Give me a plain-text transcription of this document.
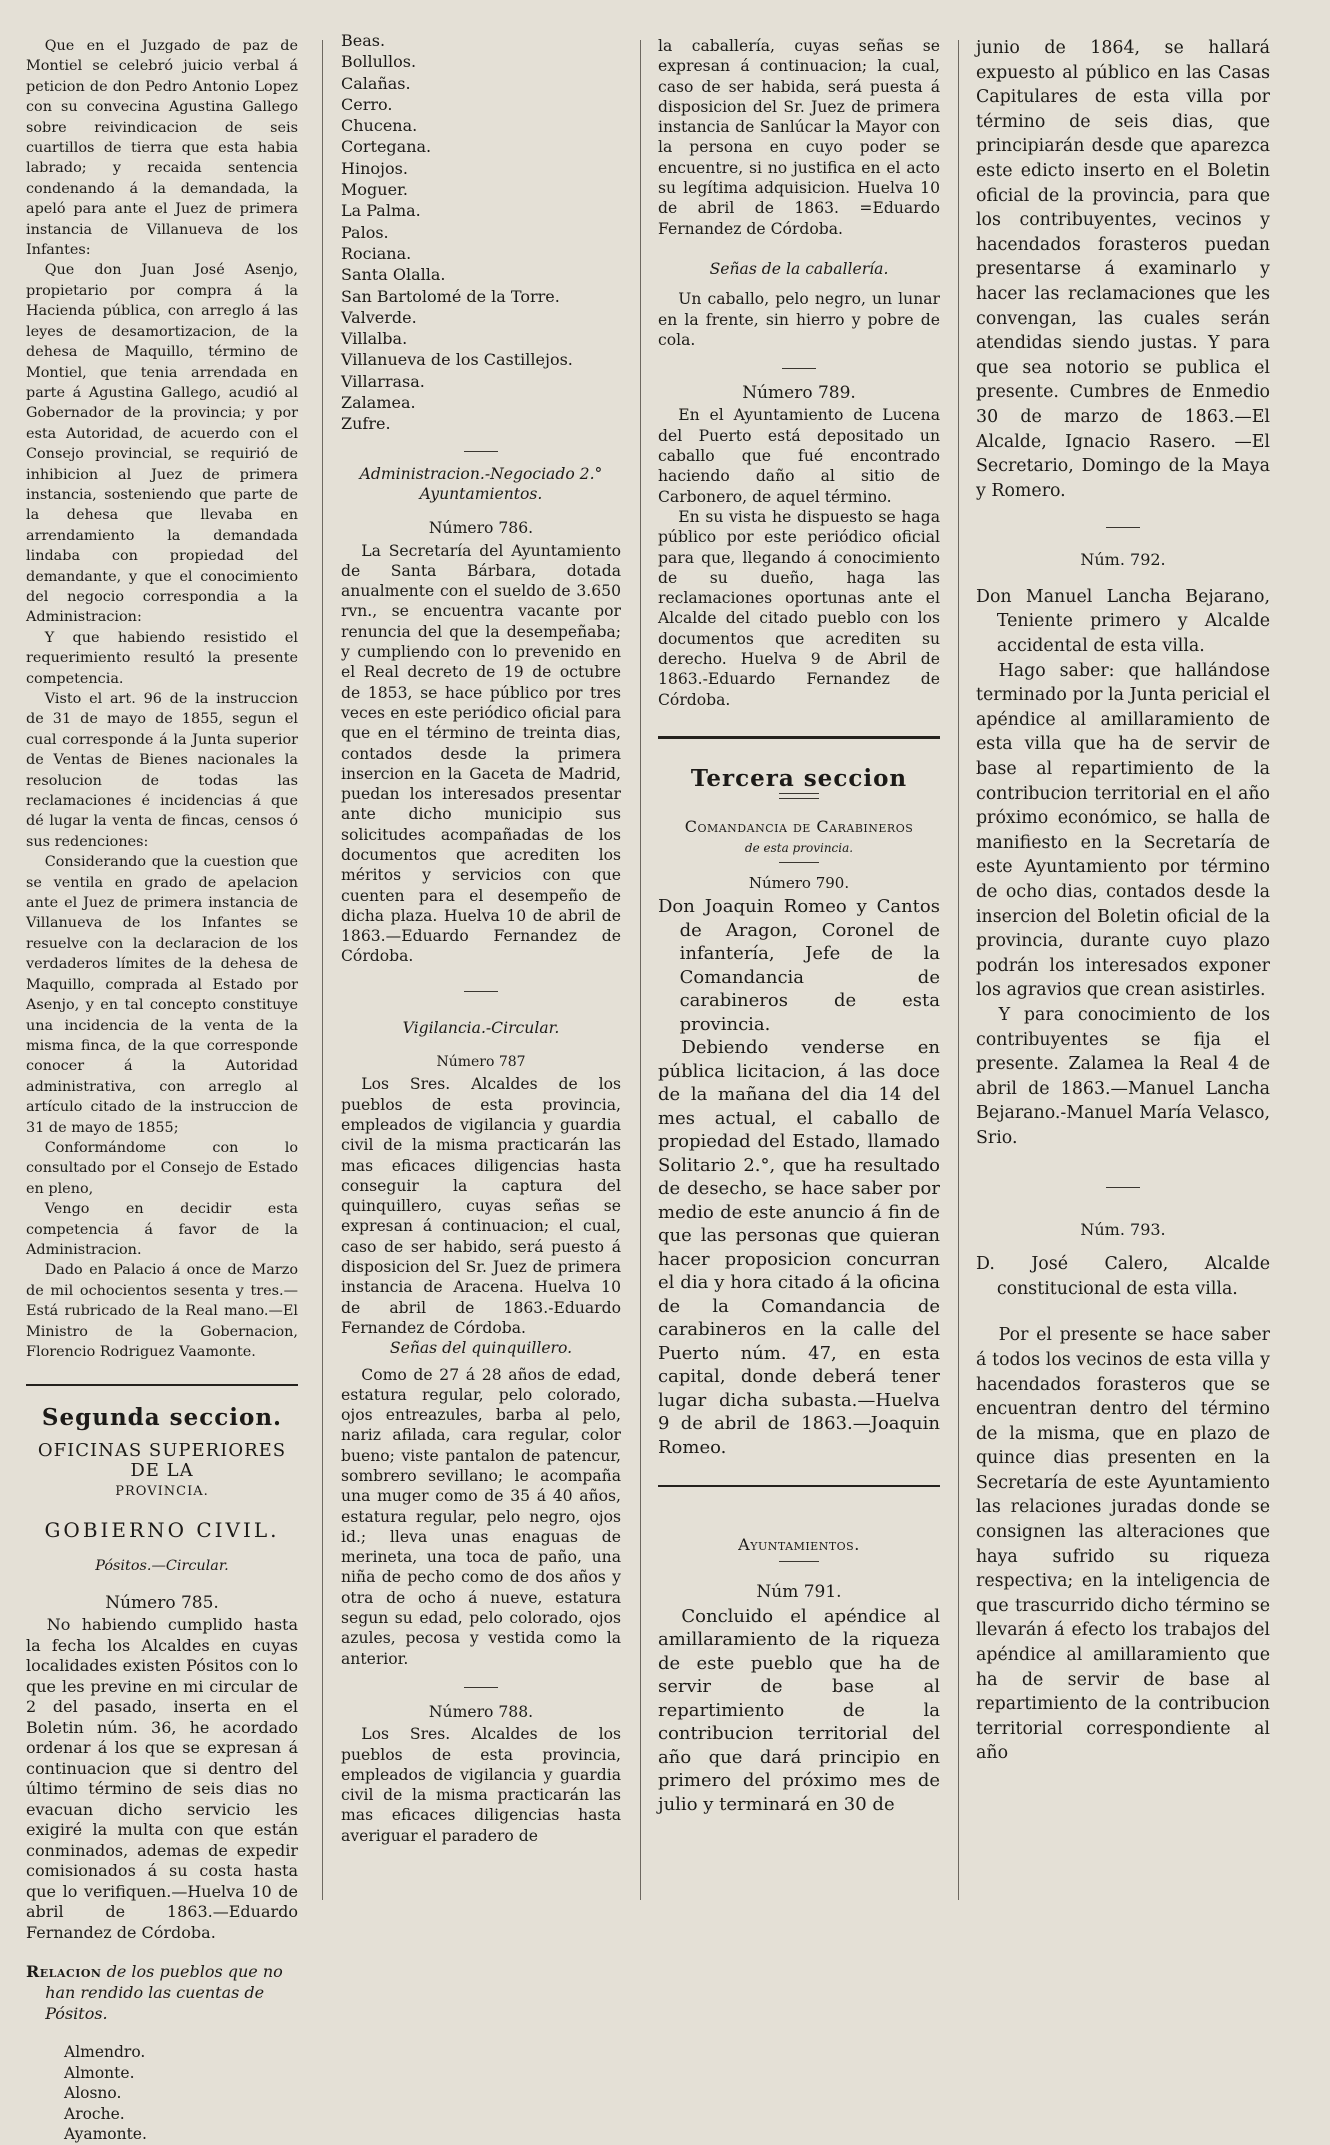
Que en el Juzgado de paz de Montiel se celebró juicio verbal á peticion de don Pedro Antonio Lopez con su convecina Agustina Gallego sobre reivindicacion de seis cuartillos de tierra que esta habia labrado; y recaida sentencia condenando á la demandada, la apeló para ante el Juez de primera instancia de Villanueva de los Infantes:

Que don Juan José Asenjo, propietario por compra á la Hacienda pública, con arreglo á las leyes de desamortizacion, de la dehesa de Maquillo, término de Montiel, que tenia arrendada en parte á Agustina Gallego, acudió al Gobernador de la provincia; y por esta Autoridad, de acuerdo con el Consejo provincial, se requirió de inhibicion al Juez de primera instancia, sosteniendo que parte de la dehesa que llevaba en arrendamiento la demandada lindaba con propiedad del demandante, y que el conocimiento del negocio correspondia a la Administracion:

Y que habiendo resistido el requerimiento resultó la presente competencia.

Visto el art. 96 de la instruccion de 31 de mayo de 1855, segun el cual corresponde á la Junta superior de Ventas de Bienes nacionales la resolucion de todas las reclamaciones é incidencias á que dé lugar la venta de fincas, censos ó sus redenciones:

Considerando que la cuestion que se ventila en grado de apelacion ante el Juez de primera instancia de Villanueva de los Infantes se resuelve con la declaracion de los verdaderos límites de la dehesa de Maquillo, comprada al Estado por Asenjo, y en tal concepto constituye una incidencia de la venta de la misma finca, de la que corresponde conocer á la Autoridad administrativa, con arreglo al artículo citado de la instruccion de 31 de mayo de 1855;

Conformándome con lo consultado por el Consejo de Estado en pleno,

Vengo en decidir esta competencia á favor de la Administracion.

Dado en Palacio á once de Marzo de mil ochocientos sesenta y tres.—Está rubricado de la Real mano.—El Ministro de la Gobernacion, Florencio Rodriguez Vaamonte.

Segunda seccion.
OFICINAS SUPERIORES DE LA
PROVINCIA.
GOBIERNO CIVIL.

Pósitos.—Circular.

Número 785.

No habiendo cumplido hasta la fecha los Alcaldes en cuyas localidades existen Pósitos con lo que les previne en mi circular de 2 del pasado, inserta en el Boletin núm. 36, he acordado ordenar á los que se expresan á continuacion que si dentro del último término de seis dias no evacuan dicho servicio les exigiré la multa con que están conminados, ademas de expedir comisionados á su costa hasta que lo verifiquen.—Huelva 10 de abril de 1863.—Eduardo Fernandez de Córdoba.

Relacion de los pueblos que no han rendido las cuentas de Pósitos.

Almendro.
Almonte.
Alosno.
Aroche.
Ayamonte.
Beas.
Bollullos.
Calañas.
Cerro.
Chucena.
Cortegana.
Hinojos.
Moguer.
La Palma.
Palos.
Rociana.
Santa Olalla.
San Bartolomé de la Torre.
Valverde.
Villalba.
Villanueva de los Castillejos.
Villarrasa.
Zalamea.
Zufre.

Administracion.-Negociado 2.° Ayuntamientos.

Número 786.

La Secretaría del Ayuntamiento de Santa Bárbara, dotada anualmente con el sueldo de 3.650 rvn., se encuentra vacante por renuncia del que la desempeñaba; y cumpliendo con lo prevenido en el Real decreto de 19 de octubre de 1853, se hace público por tres veces en este periódico oficial para que en el término de treinta dias, contados desde la primera insercion en la Gaceta de Madrid, puedan los interesados presentar ante dicho municipio sus solicitudes acompañadas de los documentos que acrediten los méritos y servicios con que cuenten para el desempeño de dicha plaza. Huelva 10 de abril de 1863.—Eduardo Fernandez de Córdoba.

Vigilancia.-Circular.

Número 787

Los Sres. Alcaldes de los pueblos de esta provincia, empleados de vigilancia y guardia civil de la misma practicarán las mas eficaces diligencias hasta conseguir la captura del quinquillero, cuyas señas se expresan á continuacion; el cual, caso de ser habido, será puesto á disposicion del Sr. Juez de primera instancia de Aracena. Huelva 10 de abril de 1863.-Eduardo Fernandez de Córdoba.

Señas del quinquillero.

Como de 27 á 28 años de edad, estatura regular, pelo colorado, ojos entreazules, barba al pelo, nariz afilada, cara regular, color bueno; viste pantalon de patencur, sombrero sevillano; le acompaña una muger como de 35 á 40 años, estatura regular, pelo negro, ojos id.; lleva unas enaguas de merineta, una toca de paño, una niña de pecho como de dos años y otra de ocho á nueve, estatura segun su edad, pelo colorado, ojos azules, pecosa y vestida como la anterior.

Número 788.

Los Sres. Alcaldes de los pueblos de esta provincia, empleados de vigilancia y guardia civil de la misma practicarán las mas eficaces diligencias hasta averiguar el paradero de

la caballería, cuyas señas se expresan á continuacion; la cual, caso de ser habida, será puesta á disposicion del Sr. Juez de primera instancia de Sanlúcar la Mayor con la persona en cuyo poder se encuentre, si no justifica en el acto su legítima adquisicion. Huelva 10 de abril de 1863. =Eduardo Fernandez de Córdoba.

Señas de la caballería.

Un caballo, pelo negro, un lunar en la frente, sin hierro y pobre de cola.

Número 789.

En el Ayuntamiento de Lucena del Puerto está depositado un caballo que fué encontrado haciendo daño al sitio de Carbonero, de aquel término.

En su vista he dispuesto se haga público por este periódico oficial para que, llegando á conocimiento de su dueño, haga las reclamaciones oportunas ante el Alcalde del citado pueblo con los documentos que acrediten su derecho. Huelva 9 de Abril de 1863.-Eduardo Fernandez de Córdoba.

Tercera seccion
Comandancia de Carabineros
de esta provincia.

Número 790.

Don Joaquin Romeo y Cantos de Aragon, Coronel de infantería, Jefe de la Comandancia de carabineros de esta provincia.

Debiendo venderse en pública licitacion, á las doce de la mañana del dia 14 del mes actual, el caballo de propiedad del Estado, llamado Solitario 2.°, que ha resultado de desecho, se hace saber por medio de este anuncio á fin de que las personas que quieran hacer proposicion concurran el dia y hora citado á la oficina de la Comandancia de carabineros en la calle del Puerto núm. 47, en esta capital, donde deberá tener lugar dicha subasta.—Huelva 9 de abril de 1863.—Joaquin Romeo.

Ayuntamientos.

Núm 791.

Concluido el apéndice al amillaramiento de la riqueza de este pueblo que ha de servir de base al repartimiento de la contribucion territorial del año que dará principio en primero del próximo mes de julio y terminará en 30 de

junio de 1864, se hallará expuesto al público en las Casas Capitulares de esta villa por término de seis dias, que principiarán desde que aparezca este edicto inserto en el Boletin oficial de la provincia, para que los contribuyentes, vecinos y hacendados forasteros puedan presentarse á examinarlo y hacer las reclamaciones que les convengan, las cuales serán atendidas siendo justas. Y para que sea notorio se publica el presente. Cumbres de Enmedio 30 de marzo de 1863.—El Alcalde, Ignacio Rasero. —El Secretario, Domingo de la Maya y Romero.

Núm. 792.

Don Manuel Lancha Bejarano, Teniente primero y Alcalde accidental de esta villa.

Hago saber: que hallándose terminado por la Junta pericial el apéndice al amillaramiento de esta villa que ha de servir de base al repartimiento de la contribucion territorial en el año próximo económico, se halla de manifiesto en la Secretaría de este Ayuntamiento por término de ocho dias, contados desde la insercion del Boletin oficial de la provincia, durante cuyo plazo podrán los interesados exponer los agravios que crean asistirles.

Y para conocimiento de los contribuyentes se fija el presente. Zalamea la Real 4 de abril de 1863.—Manuel Lancha Bejarano.-Manuel María Velasco, Srio.

Núm. 793.

D. José Calero, Alcalde constitucional de esta villa.

Por el presente se hace saber á todos los vecinos de esta villa y hacendados forasteros que se encuentran dentro del término de la misma, que en plazo de quince dias presenten en la Secretaría de este Ayuntamiento las relaciones juradas donde se consignen las alteraciones que haya sufrido su riqueza respectiva; en la inteligencia de que trascurrido dicho término se llevarán á efecto los trabajos del apéndice al amillaramiento que ha de servir de base al repartimiento de la contribucion territorial correspondiente al año
